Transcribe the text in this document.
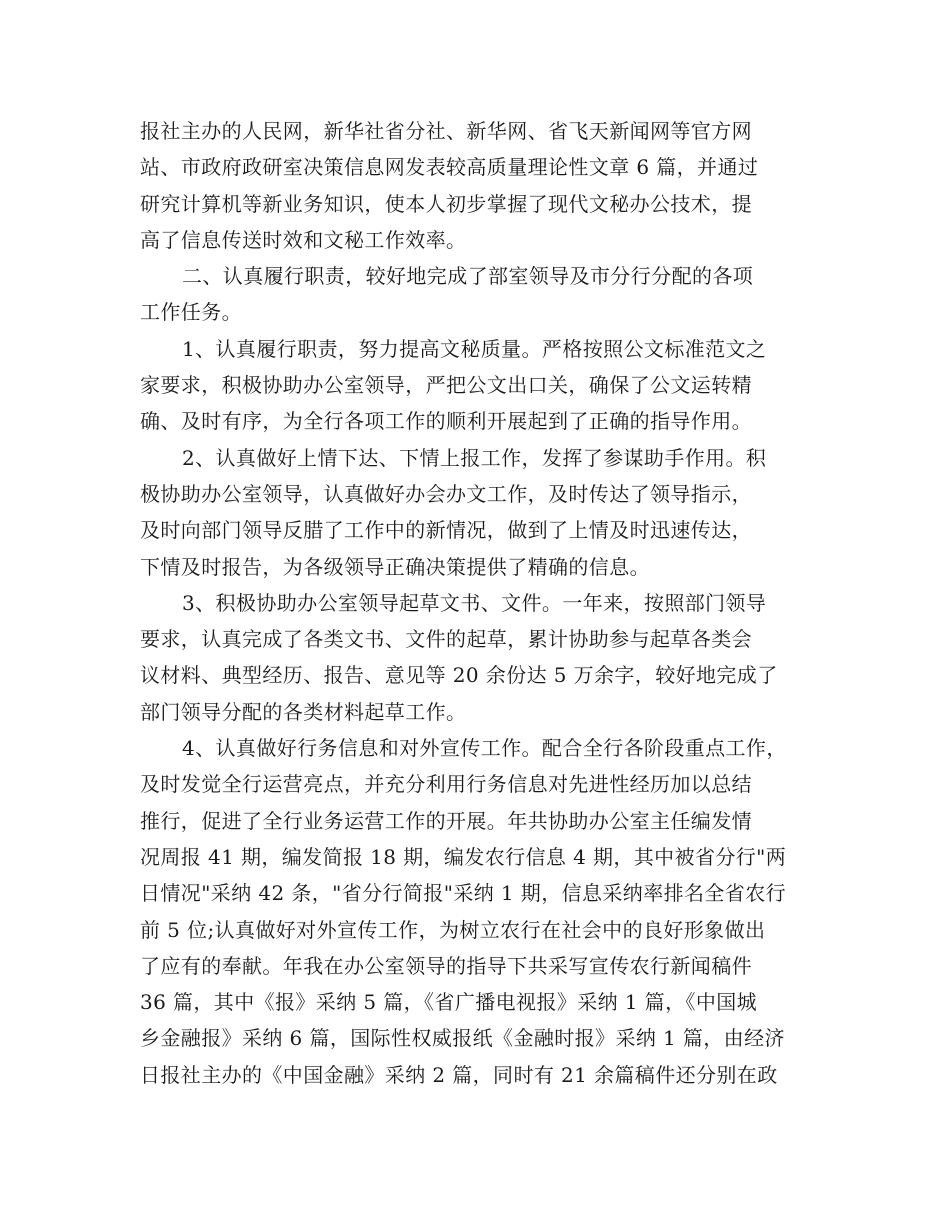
报社主办的人民网，新华社省分社、新华网、省飞天新闻网等官方网
站、市政府政研室决策信息网发表较高质量理论性文章 6 篇，并通过
研究计算机等新业务知识，使本人初步掌握了现代文秘办公技术，提
高了信息传送时效和文秘工作效率。
二、认真履行职责，较好地完成了部室领导及市分行分配的各项
工作任务。
1、认真履行职责，努力提高文秘质量。严格按照公文标准范文之
家要求，积极协助办公室领导，严把公文出口关，确保了公文运转精
确、及时有序，为全行各项工作的顺利开展起到了正确的指导作用。
2、认真做好上情下达、下情上报工作，发挥了参谋助手作用。积
极协助办公室领导，认真做好办会办文工作，及时传达了领导指示，
及时向部门领导反腊了工作中的新情况，做到了上情及时迅速传达，
下情及时报告，为各级领导正确决策提供了精确的信息。
3、积极协助办公室领导起草文书、文件。一年来，按照部门领导
要求，认真完成了各类文书、文件的起草，累计协助参与起草各类会
议材料、典型经历、报告、意见等 20 余份达 5 万余字，较好地完成了
部门领导分配的各类材料起草工作。
4、认真做好行务信息和对外宣传工作。配合全行各阶段重点工作，
及时发觉全行运营亮点，并充分利用行务信息对先进性经历加以总结
推行，促进了全行业务运营工作的开展。年共协助办公室主任编发情
况周报 41 期，编发简报 18 期，编发农行信息 4 期，其中被省分行"两
日情况"采纳 42 条，"省分行简报"采纳 1 期，信息采纳率排名全省农行
前 5 位;认真做好对外宣传工作，为树立农行在社会中的良好形象做出
了应有的奉献。年我在办公室领导的指导下共采写宣传农行新闻稿件
36 篇，其中《报》采纳 5 篇，《省广播电视报》采纳 1 篇，《中国城
乡金融报》采纳 6 篇，国际性权威报纸《金融时报》采纳 1 篇，由经济
日报社主办的《中国金融》采纳 2 篇，同时有 21 余篇稿件还分别在政
